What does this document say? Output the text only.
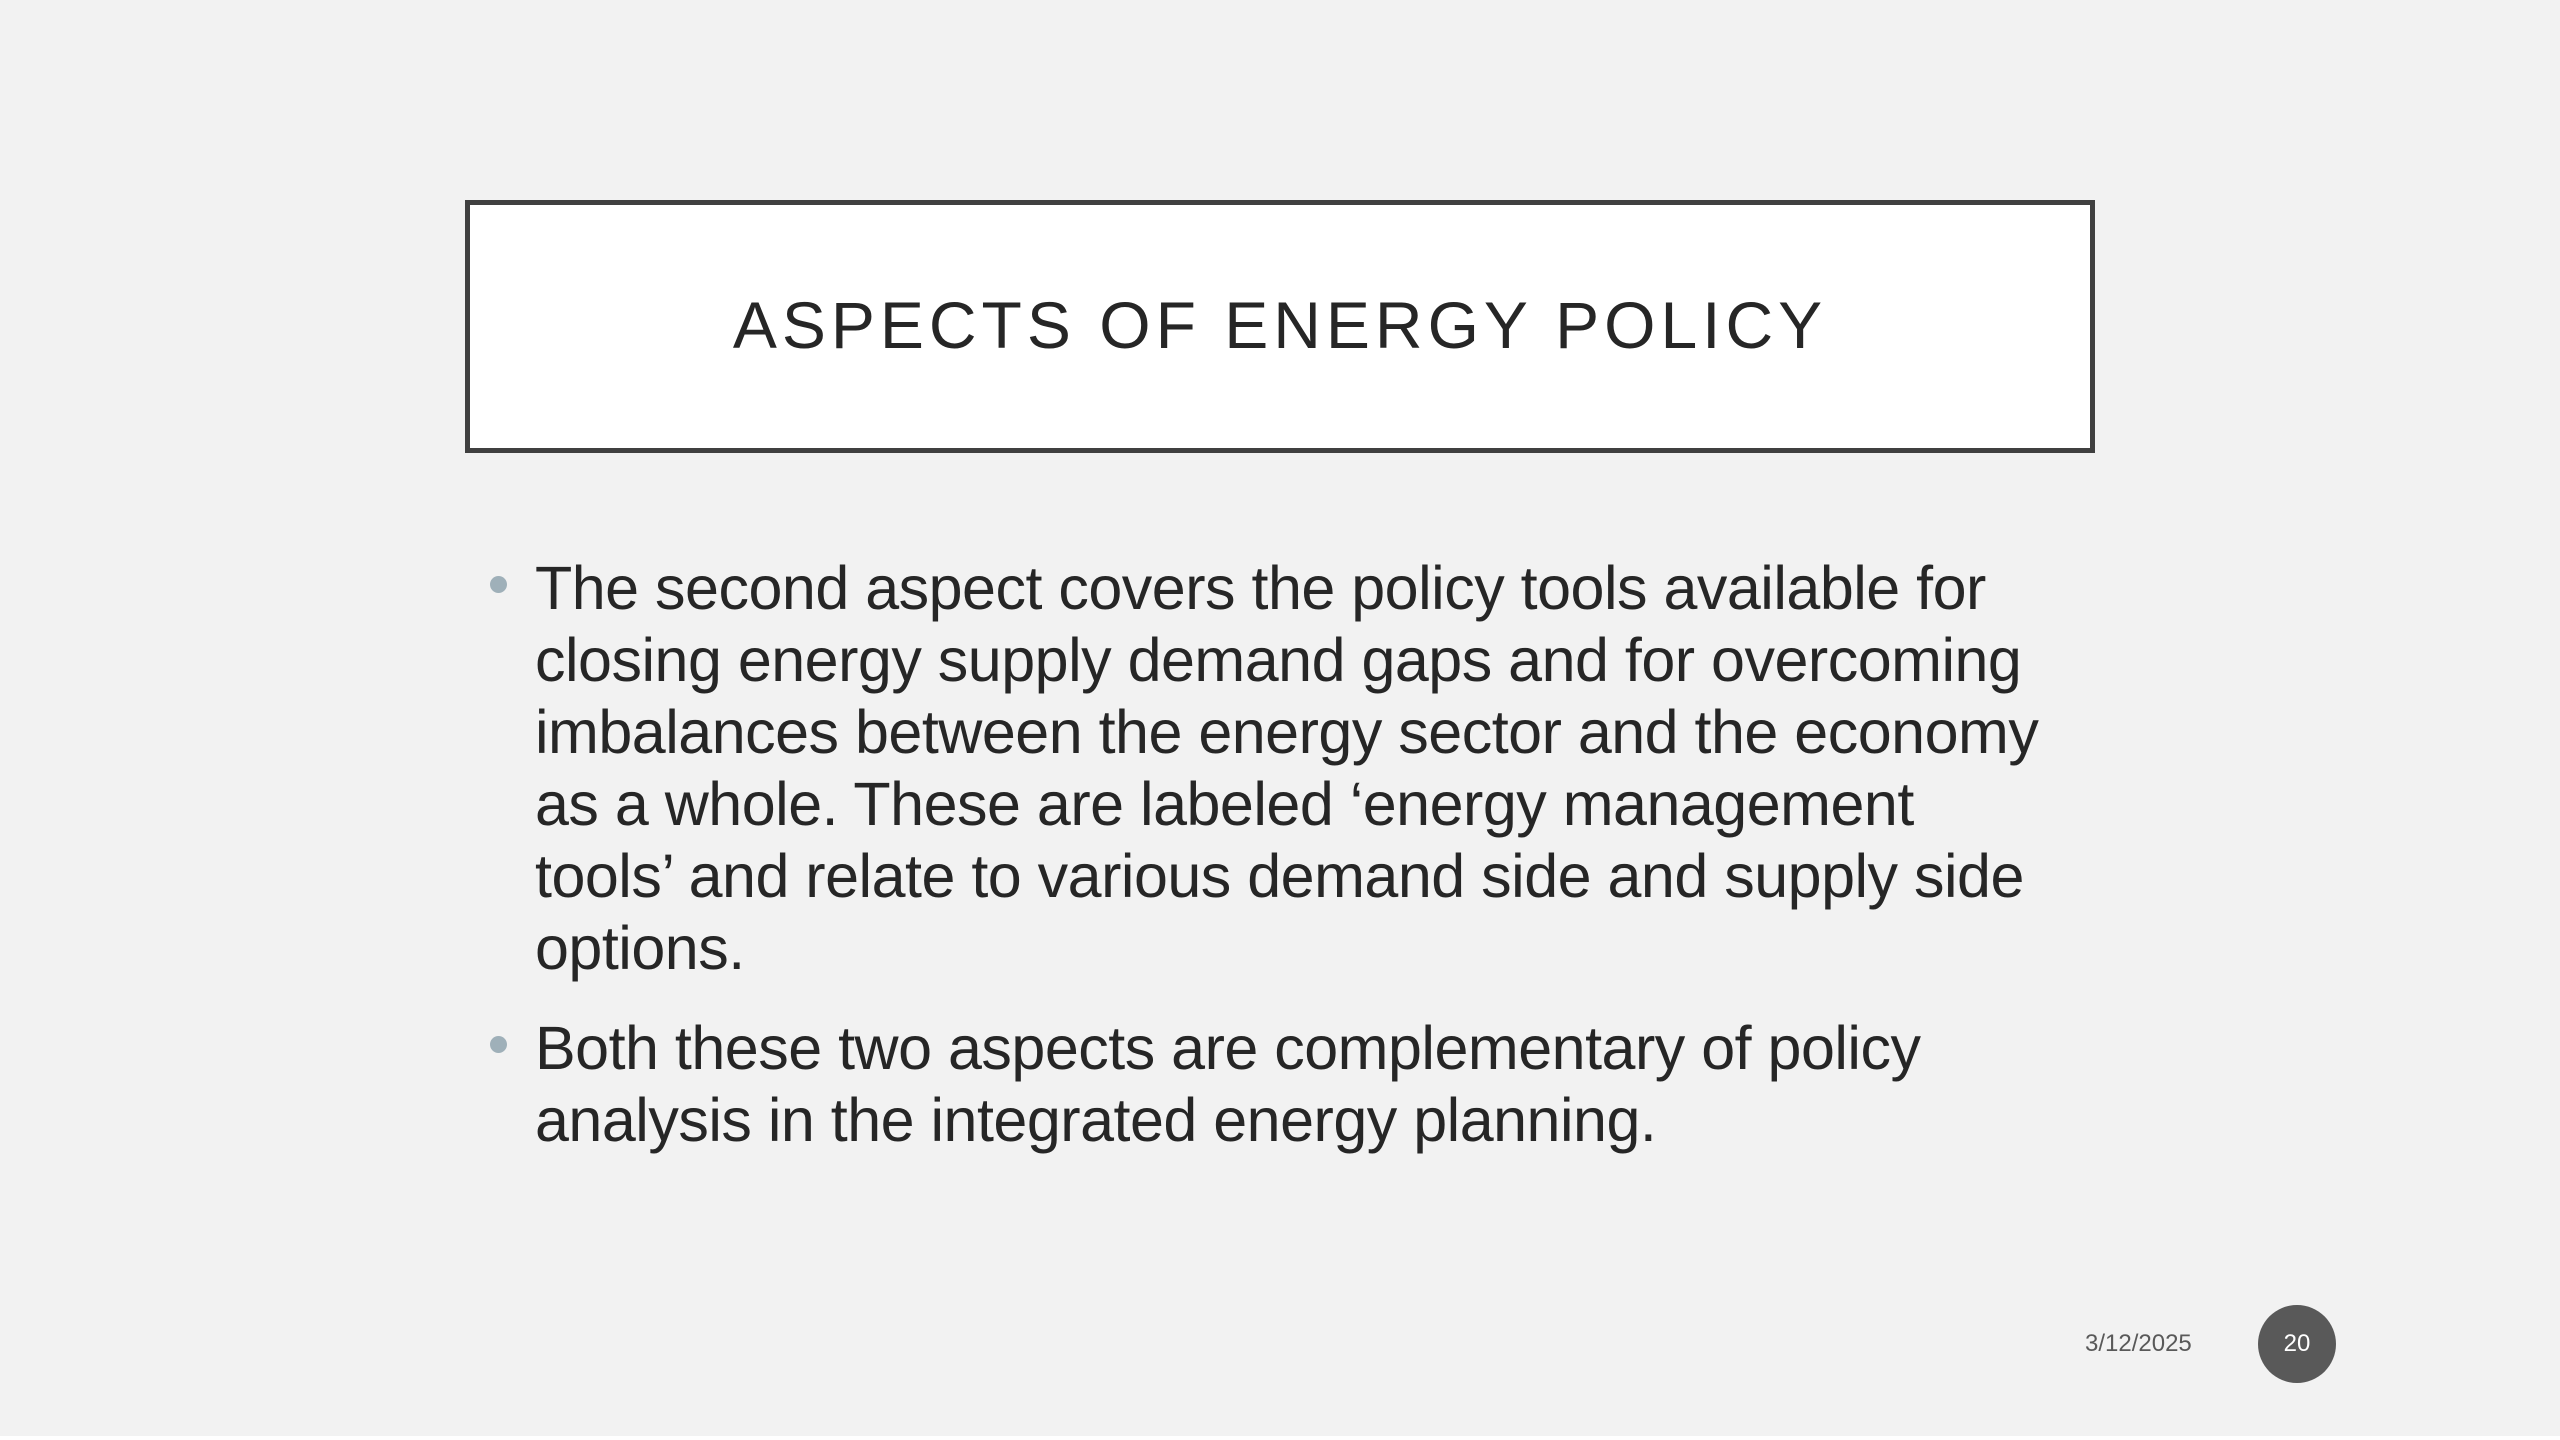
ASPECTS OF ENERGY POLICY
The second aspect covers the policy tools available for closing energy supply demand gaps and for overcoming imbalances between the energy sector and the economy as a whole. These are labeled ‘energy management tools’ and relate to various demand side and supply side options.
Both these two aspects are complementary of policy analysis in the integrated energy planning.
3/12/2025	20
